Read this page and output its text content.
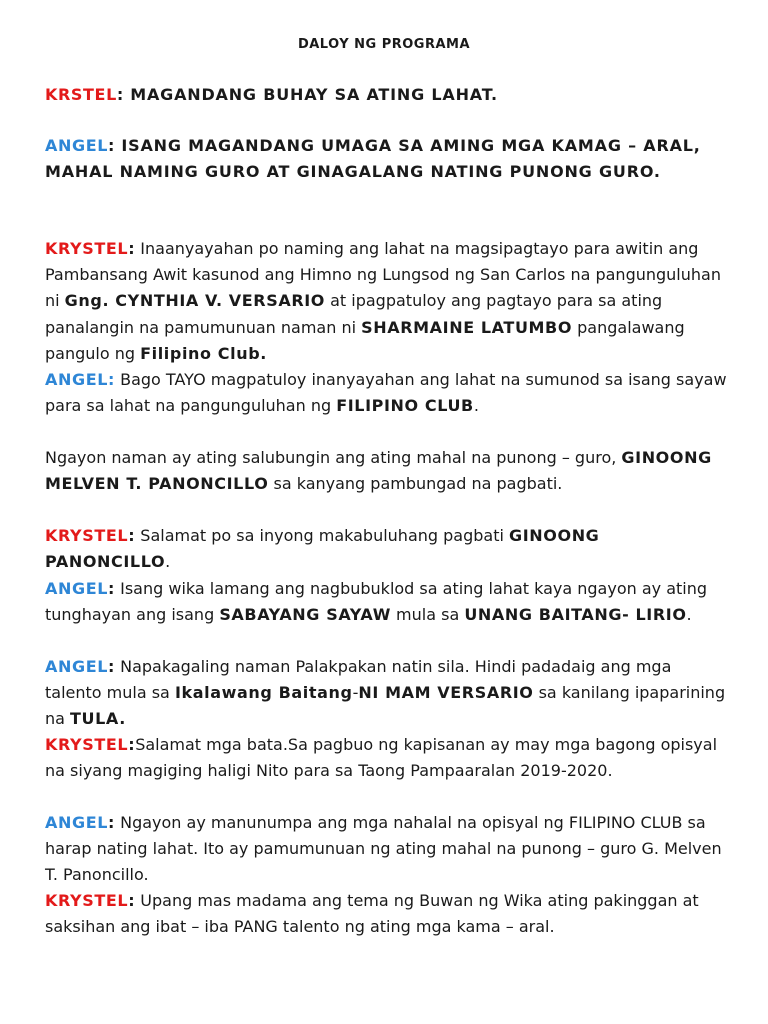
DALOY NG PROGRAMA

KRSTEL: MAGANDANG BUHAY SA ATING LAHAT.

ANGEL: ISANG MAGANDANG UMAGA SA AMING MGA KAMAG – ARAL, MAHAL NAMING GURO AT GINAGALANG NATING PUNONG GURO.

KRYSTEL: Inaanyayahan po naming ang lahat na magsipagtayo para awitin ang Pambansang Awit kasunod ang Himno ng Lungsod ng San Carlos na pangunguluhan ni Gng. CYNTHIA V. VERSARIO at ipagpatuloy ang pagtayo para sa ating panalangin na pamumunuan naman ni SHARMAINE LATUMBO pangalawang pangulo ng Filipino Club.

ANGEL: Bago TAYO magpatuloy inanyayahan ang lahat na sumunod sa isang sayaw para sa lahat na pangunguluhan ng FILIPINO CLUB.

Ngayon naman ay ating salubungin ang ating mahal na punong – guro, GINOONG MELVEN T. PANONCILLO sa kanyang pambungad na pagbati.

KRYSTEL: Salamat po sa inyong makabuluhang pagbati GINOONG PANONCILLO.

ANGEL: Isang wika lamang ang nagbubuklod sa ating lahat kaya ngayon ay ating tunghayan ang isang SABAYANG SAYAW mula sa UNANG BAITANG- LIRIO.

ANGEL: Napakagaling naman Palakpakan natin sila. Hindi padadaig ang mga talento mula sa Ikalawang Baitang-NI MAM VERSARIO sa kanilang ipaparining na TULA.

KRYSTEL:Salamat mga bata.Sa pagbuo ng kapisanan ay may mga bagong opisyal na siyang magiging haligi Nito para sa Taong Pampaaralan 2019-2020.

ANGEL: Ngayon ay manunumpa ang mga nahalal na opisyal ng FILIPINO CLUB sa harap nating lahat. Ito ay pamumunuan ng ating mahal na punong – guro G. Melven T. Panoncillo.

KRYSTEL: Upang mas madama ang tema ng Buwan ng Wika ating pakinggan at saksihan ang ibat – iba PANG talento ng ating mga kama – aral.
